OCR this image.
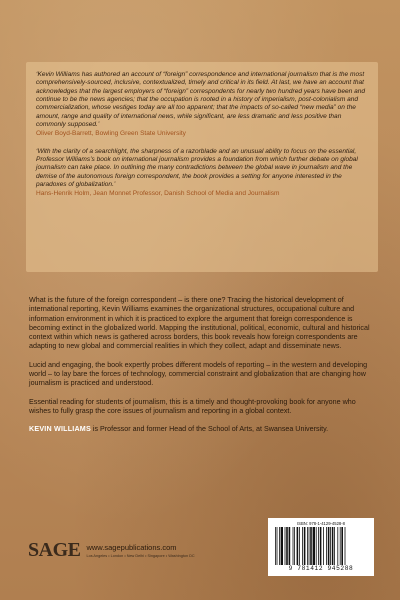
‘Kevin Williams has authored an account of “foreign” correspondence and international journalism that is the most comprehensively-sourced, inclusive, contextualized, timely and critical in its field. At last, we have an account that acknowledges that the largest employers of “foreign” correspondents for nearly two hundred years have been and continue to be the news agencies; that the occupation is rooted in a history of imperialism, post-colonialism and commercialization, whose vestiges today are all too apparent; that the impacts of so-called “new media” on the amount, range and quality of international news, while significant, are less dramatic and less positive than commonly supposed.’

Oliver Boyd-Barrett, Bowling Green State University

‘With the clarity of a searchlight, the sharpness of a razorblade and an unusual ability to focus on the essential, Professor Williams’s book on international journalism provides a foundation from which further debate on global journalism can take place. In outlining the many contradictions between the global wave in journalism and the demise of the autonomous foreign correspondent, the book provides a setting for anyone interested in the paradoxes of globalization.’

Hans-Henrik Holm, Jean Monnet Professor, Danish School of Media and Journalism

What is the future of the foreign correspondent – is there one? Tracing the historical development of international reporting, Kevin Williams examines the organizational structures, occupational culture and information environment in which it is practiced to explore the argument that foreign correspondence is becoming extinct in the globalized world. Mapping the institutional, political, economic, cultural and historical context within which news is gathered across borders, this book reveals how foreign correspondents are adapting to new global and commercial realities in which they collect, adapt and disseminate news.

Lucid and engaging, the book expertly probes different models of reporting – in the western and developing world – to lay bare the forces of technology, commercial constraint and globalization that are changing how journalism is practiced and understood.

Essential reading for students of journalism, this is a timely and thought-provoking book for anyone who wishes to fully grasp the core issues of journalism and reporting in a global context.

KEVIN WILLIAMS is Professor and former Head of the School of Arts, at Swansea University.

SAGE www.sagepublications.com
Los Angeles • London • New Delhi • Singapore • Washington DC
ISBN: 978-1-4129-4528-8
9 781412 945288
